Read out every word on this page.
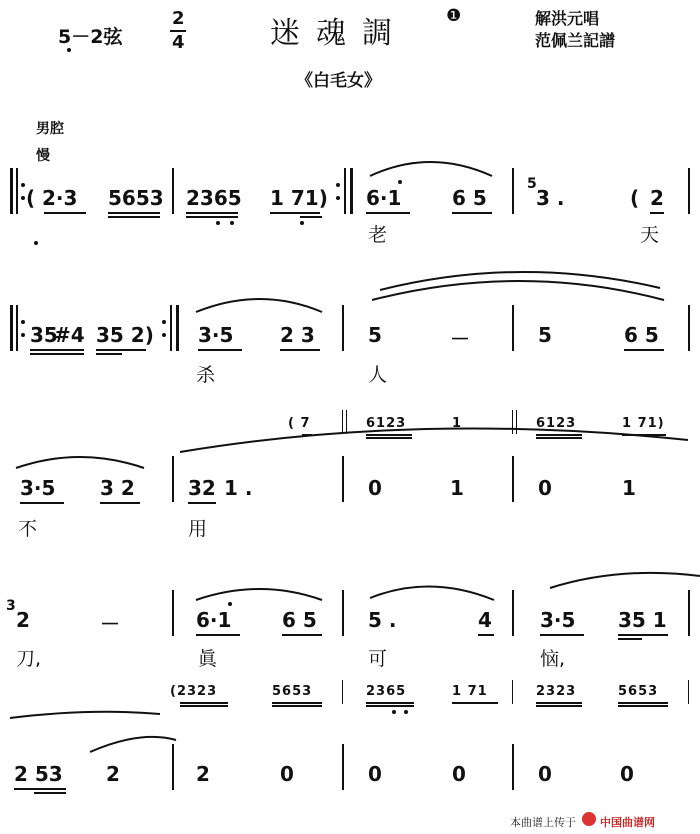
5－2弦
2
4	迷魂調 ❶	解洪元唱
范佩兰記譜
《白毛女》
男腔
慢
( 2·3 5653 2365 1 71) 6·1	6 5
老
5
3 .	( 2
天
35
#4 35 2) 3·5 2 3
杀
5	－
人
5	6 5
( 7	6123	1	6123	1 71)
3·5 3 2
不
32 1 .
用
0	1	0	1
3
2	－
刀,
6·1	6 5
眞
5 .	4
可
3·5 35 1
恼,
(2323	5653	2365	1 71	2323	5653
2 53 2	2	0	0	0	0	0
本曲谱上传于 中国曲谱网
